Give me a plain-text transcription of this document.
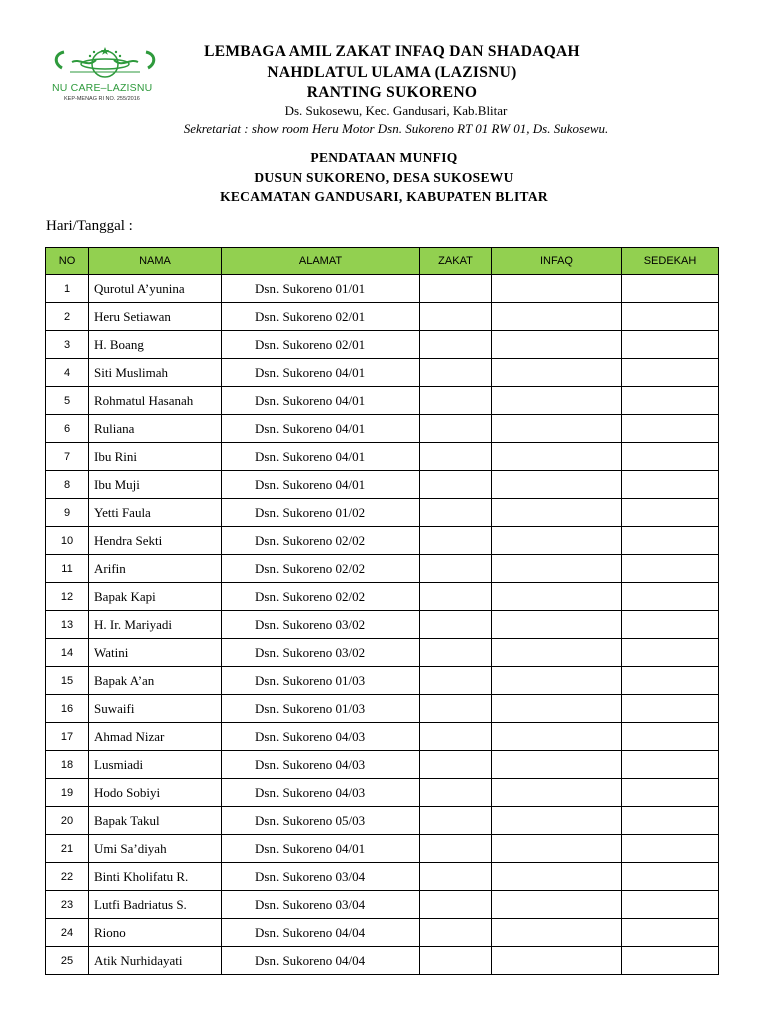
NU CARE–LAZISNU
KEP-MENAG RI NO. 255/2016
LEMBAGA AMIL ZAKAT INFAQ DAN SHADAQAH
NAHDLATUL ULAMA (LAZISNU)
RANTING SUKORENO
Ds. Sukosewu, Kec. Gandusari, Kab.Blitar
Sekretariat : show room Heru Motor Dsn. Sukoreno RT 01 RW 01, Ds. Sukosewu.
PENDATAAN MUNFIQ
DUSUN SUKORENO, DESA SUKOSEWU
KECAMATAN GANDUSARI, KABUPATEN BLITAR
Hari/Tanggal :
NO	NAMA	ALAMAT	ZAKAT	INFAQ	SEDEKAH
1	Qurotul A’yunina	Dsn. Sukoreno 01/01			
2	Heru Setiawan	Dsn. Sukoreno 02/01			
3	H. Boang	Dsn. Sukoreno 02/01			
4	Siti Muslimah	Dsn. Sukoreno 04/01			
5	Rohmatul Hasanah	Dsn. Sukoreno 04/01			
6	Ruliana	Dsn. Sukoreno 04/01			
7	Ibu Rini	Dsn. Sukoreno 04/01			
8	Ibu Muji	Dsn. Sukoreno 04/01			
9	Yetti Faula	Dsn. Sukoreno 01/02			
10	Hendra Sekti	Dsn. Sukoreno 02/02			
11	Arifin	Dsn. Sukoreno 02/02			
12	Bapak Kapi	Dsn. Sukoreno 02/02			
13	H. Ir. Mariyadi	Dsn. Sukoreno 03/02			
14	Watini	Dsn. Sukoreno 03/02			
15	Bapak A’an	Dsn. Sukoreno 01/03			
16	Suwaifi	Dsn. Sukoreno 01/03			
17	Ahmad Nizar	Dsn. Sukoreno 04/03			
18	Lusmiadi	Dsn. Sukoreno 04/03			
19	Hodo Sobiyi	Dsn. Sukoreno 04/03			
20	Bapak Takul	Dsn. Sukoreno 05/03			
21	Umi Sa’diyah	Dsn. Sukoreno 04/01			
22	Binti Kholifatu R.	Dsn. Sukoreno 03/04			
23	Lutfi Badriatus S.	Dsn. Sukoreno 03/04			
24	Riono	Dsn. Sukoreno 04/04			
25	Atik Nurhidayati	Dsn. Sukoreno 04/04			
